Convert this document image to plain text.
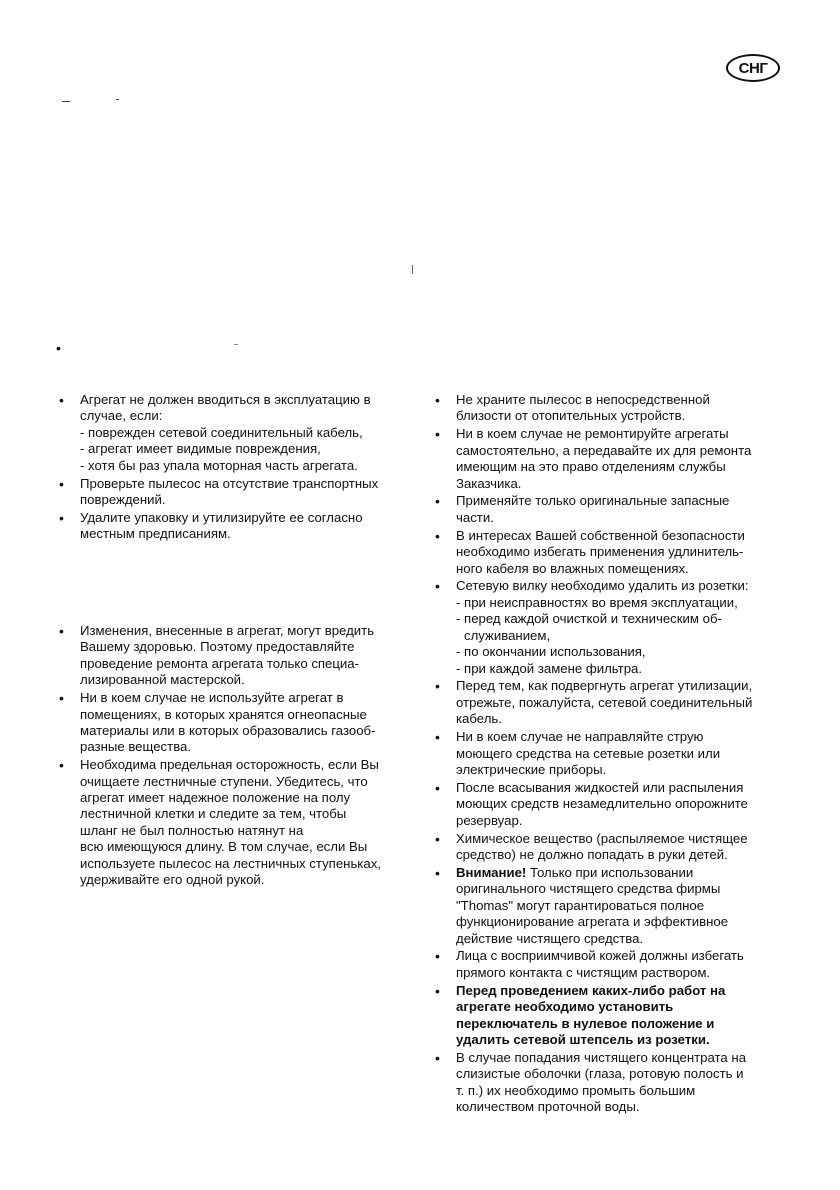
СНГ
•
• Агрегат не должен вводиться в эксплуатацию в
случае, если:
- поврежден сетевой соединительный кабель,
- агрегат имеет видимые повреждения,
- хотя бы раз упала моторная часть агрегата.
• Проверьте пылесос на отсутствие транспортных
повреждений.
• Удалите упаковку и утилизируйте ее согласно
местным предписаниям.
• Изменения, внесенные в агрегат, могут вредить
Вашему здоровью. Поэтому предоставляйте
проведение ремонта агрегата только специа-
лизированной мастерской.
• Ни в коем случае не используйте агрегат в
помещениях, в которых хранятся огнеопасные
материалы или в которых образовались газооб-
разные вещества.
• Необходима предельная осторожность, если Вы
очищаете лестничные ступени. Убедитесь, что
агрегат имеет надежное положение на полу
лестничной клетки и следите за тем, чтобы
шланг не был полностью натянут на
всю имеющуюся длину. В том случае, если Вы
используете пылесос на лестничных ступеньках,
удерживайте его одной рукой.
• Не храните пылесос в непосредственной
близости от отопительных устройств.
• Ни в коем случае не ремонтируйте агрегаты
самостоятельно, а передавайте их для ремонта
имеющим на это право отделениям службы
Заказчика.
• Применяйте только оригинальные запасные
части.
• В интересах Вашей собственной безопасности
необходимо избегать применения удлинитель-
ного кабеля во влажных помещениях.
• Сетевую вилку необходимо удалить из розетки:
- при неисправностях во время эксплуатации,
- перед каждой очисткой и техническим об-
служиванием,
- по окончании использования,
- при каждой замене фильтра.
• Перед тем, как подвергнуть агрегат утилизации,
отрежьте, пожалуйста, сетевой соединительный
кабель.
• Ни в коем случае не направляйте струю
моющего средства на сетевые розетки или
электрические приборы.
• После всасывания жидкостей или распыления
моющих средств незамедлительно опорожните
резервуар.
• Химическое вещество (распыляемое чистящее
средство) не должно попадать в руки детей.
• Внимание! Только при использовании
оригинального чистящего средства фирмы
"Thomas" могут гарантироваться полное
функционирование агрегата и эффективное
действие чистящего средства.
• Лица с восприимчивой кожей должны избегать
прямого контакта с чистящим раствором.
• Перед проведением каких-либо работ на
агрегате необходимо установить
переключатель в нулевое положение и
удалить сетевой штепсель из розетки.
• В случае попадания чистящего концентрата на
слизистые оболочки (глаза, ротовую полость и
т. п.) их необходимо промыть большим
количеством проточной воды.
